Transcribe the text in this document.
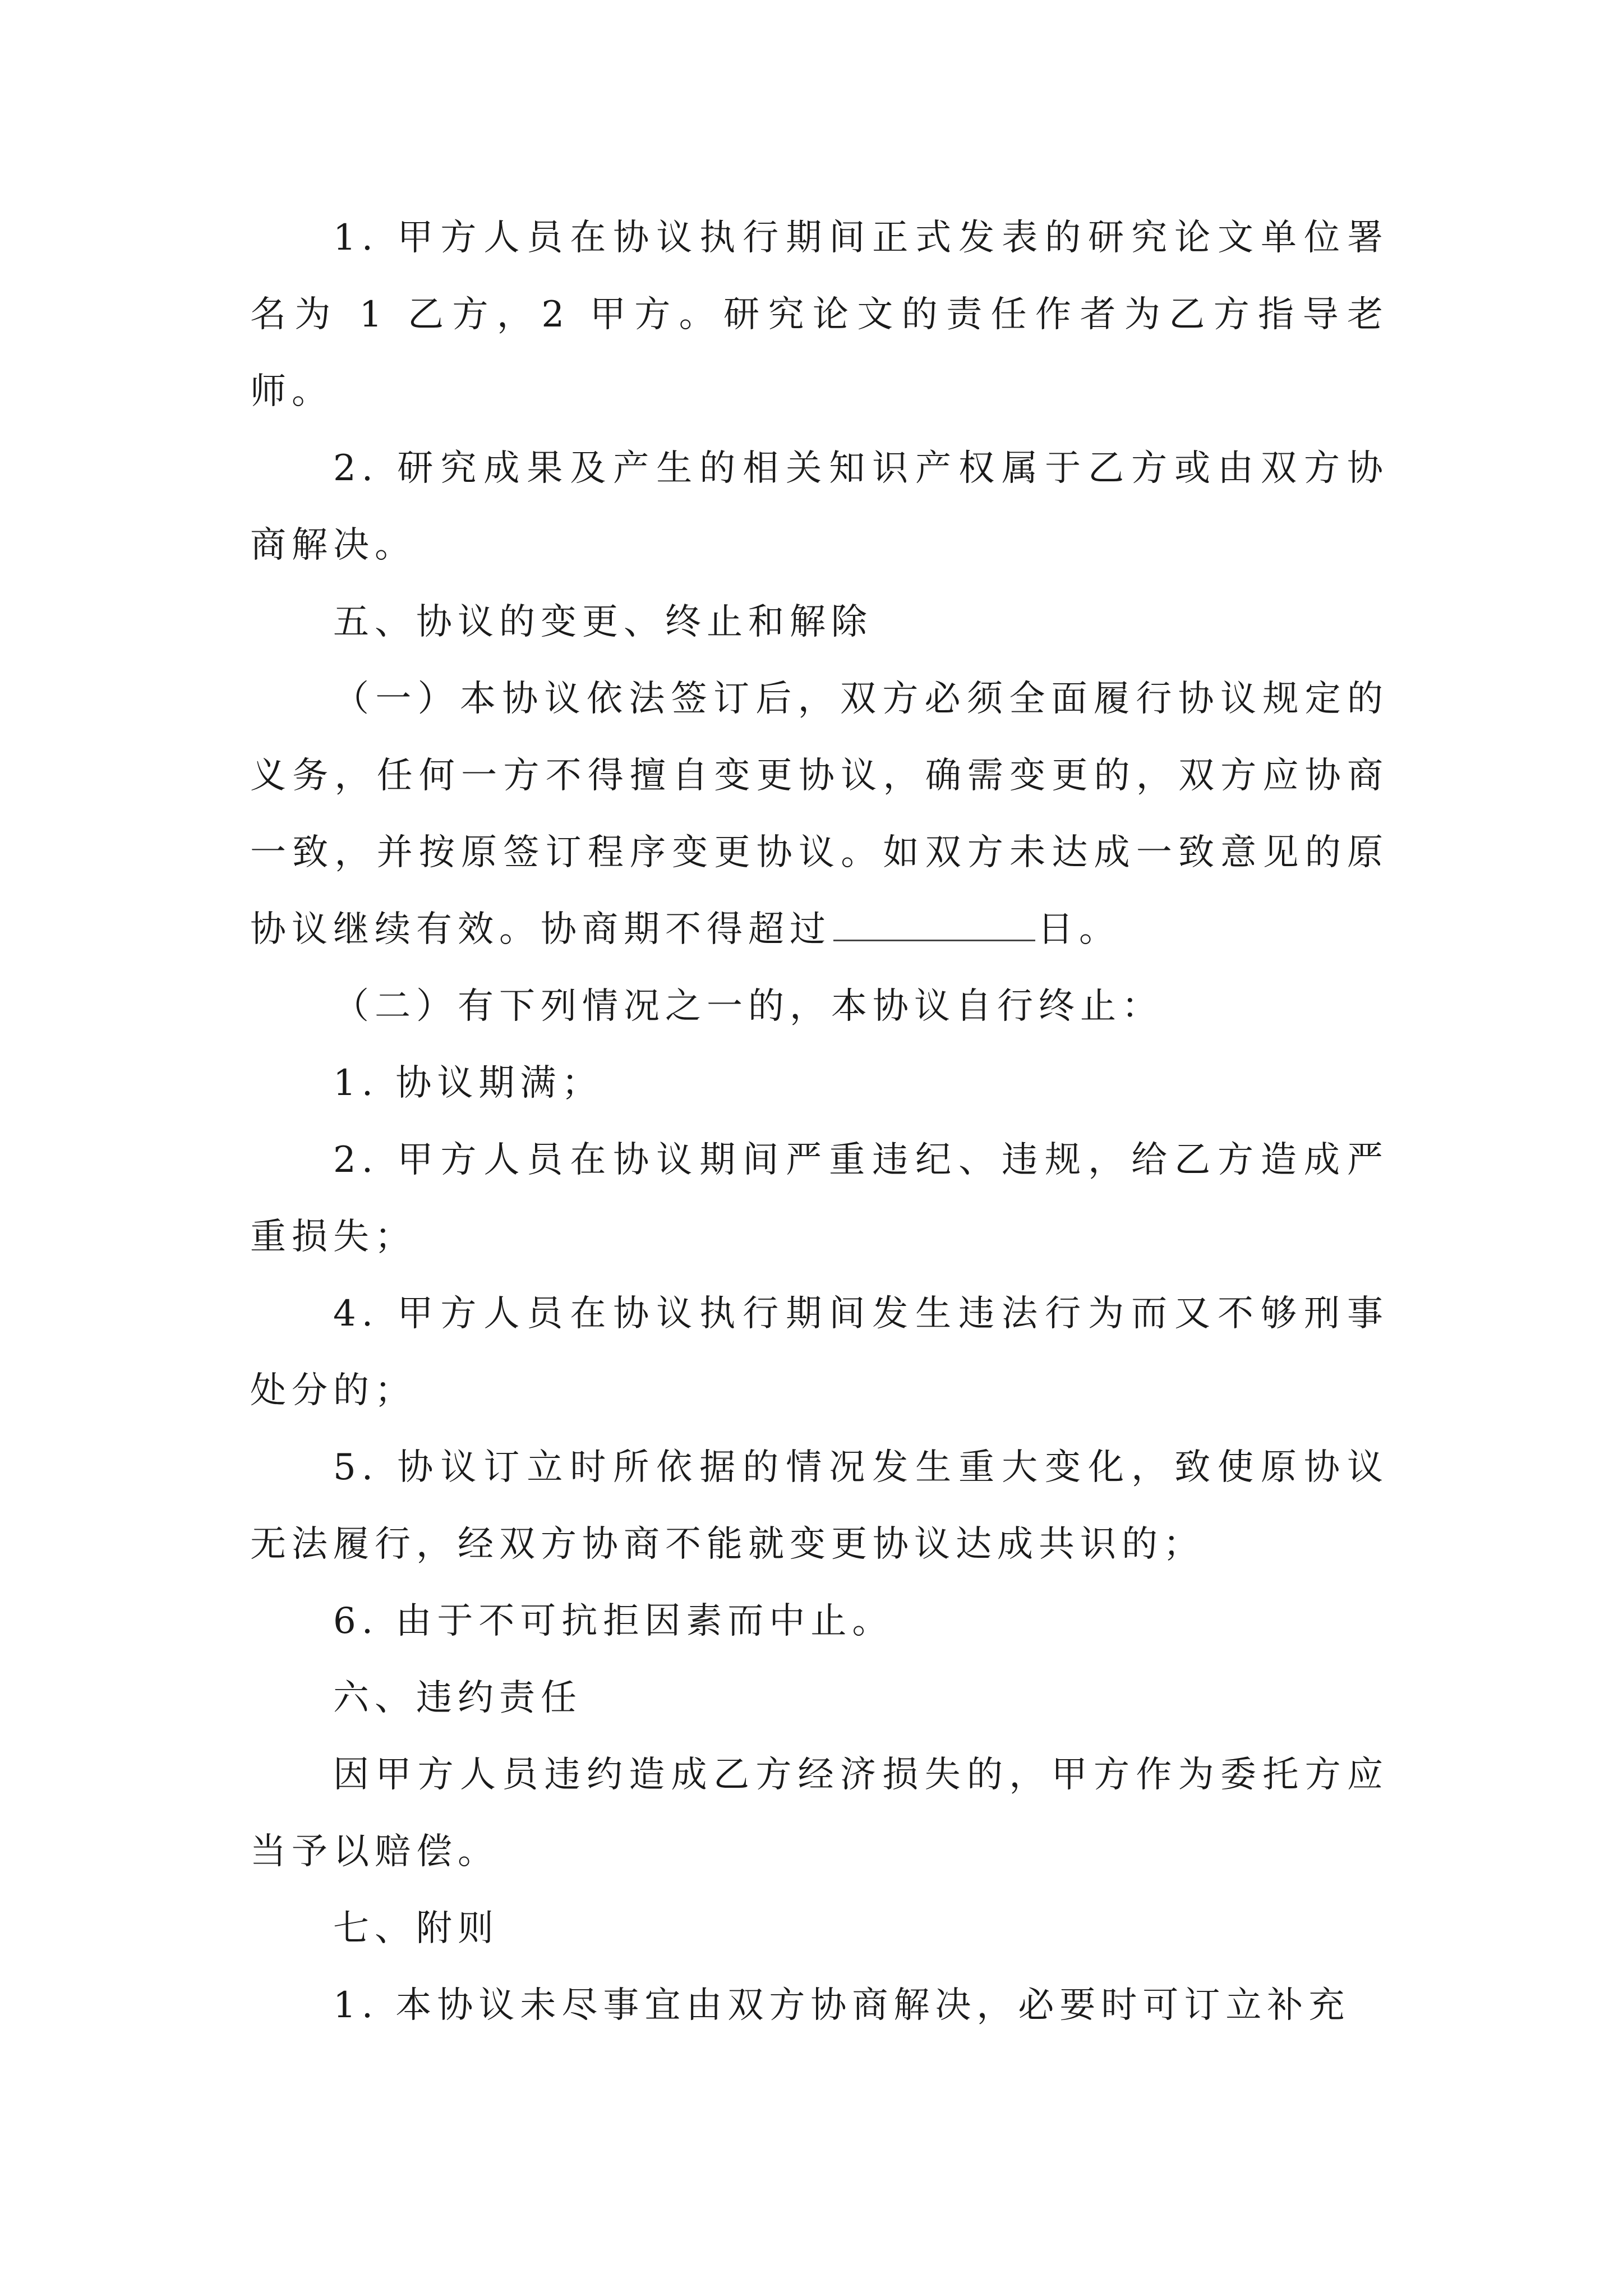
1. 甲方人员在协议执行期间正式发表的研究论文单位署名为 1 乙方，2 甲方。研究论文的责任作者为乙方指导老师。

2. 研究成果及产生的相关知识产权属于乙方或由双方协商解决。

五、协议的变更、终止和解除

（一）本协议依法签订后，双方必须全面履行协议规定的义务，任何一方不得擅自变更协议，确需变更的，双方应协商一致，并按原签订程序变更协议。如双方未达成一致意见的原协议继续有效。协商期不得超过	日。

（二）有下列情况之一的，本协议自行终止：

1. 协议期满；

2. 甲方人员在协议期间严重违纪、违规，给乙方造成严重损失；

4. 甲方人员在协议执行期间发生违法行为而又不够刑事处分的；

5. 协议订立时所依据的情况发生重大变化，致使原协议无法履行，经双方协商不能就变更协议达成共识的；

6. 由于不可抗拒因素而中止。

六、违约责任

因甲方人员违约造成乙方经济损失的，甲方作为委托方应当予以赔偿。

七、附则

1. 本协议未尽事宜由双方协商解决，必要时可订立补充
